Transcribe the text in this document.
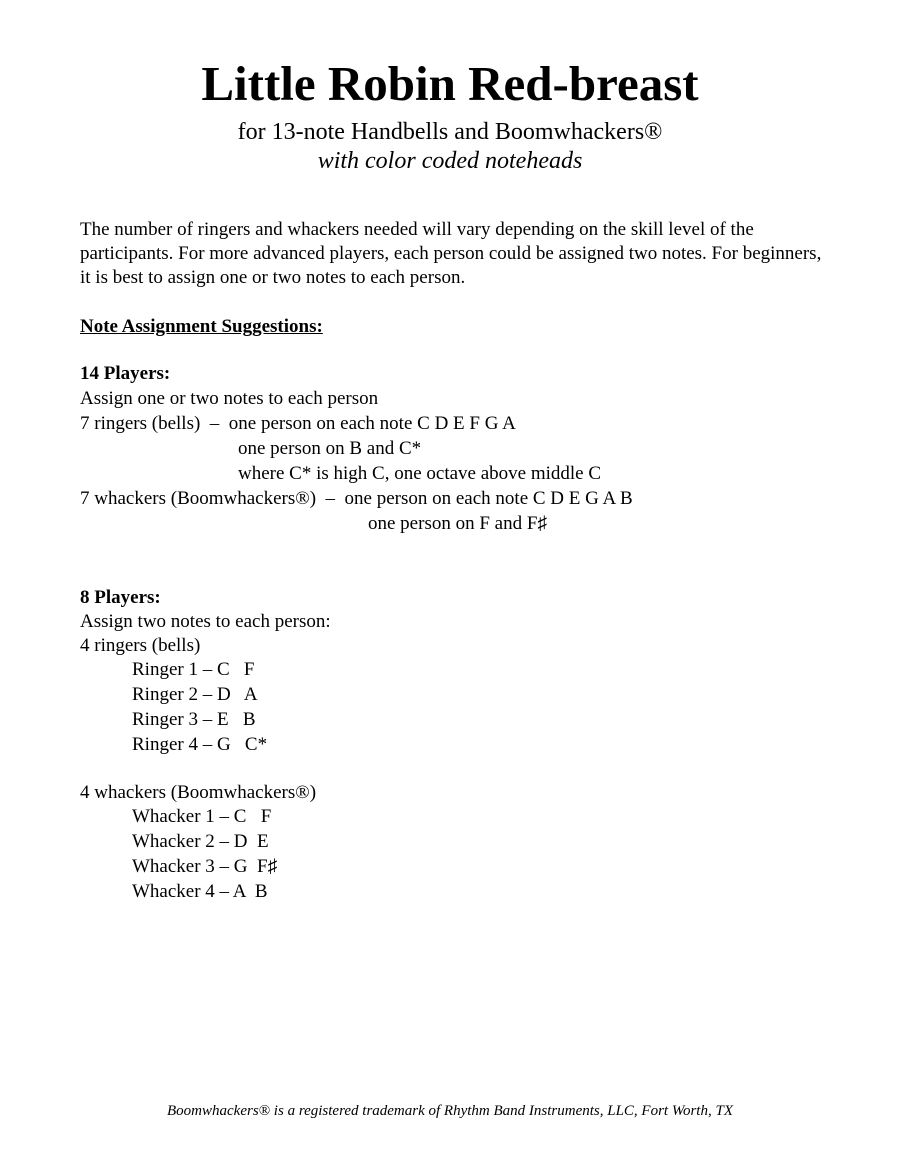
Little Robin Red-breast
for 13-note Handbells and Boomwhackers®
with color coded noteheads
The number of ringers and whackers needed will vary depending on the skill level of the participants. For more advanced players, each person could be assigned two notes. For beginners, it is best to assign one or two notes to each person.
Note Assignment Suggestions:
14 Players:
Assign one or two notes to each person
7 ringers (bells)  –  one person on each note C D E F G A
one person on B and C*
where C* is high C, one octave above middle C
7 whackers (Boomwhackers®)  –  one person on each note C D E G A B
one person on F and F♯
8 Players:
Assign two notes to each person:
4 ringers (bells)
Ringer 1 – C   F
Ringer 2 – D   A
Ringer 3 – E   B
Ringer 4 – G   C*
4 whackers (Boomwhackers®)
Whacker 1 – C   F
Whacker 2 – D  E
Whacker 3 – G  F♯
Whacker 4 – A  B
Boomwhackers® is a registered trademark of Rhythm Band Instruments, LLC, Fort Worth, TX
